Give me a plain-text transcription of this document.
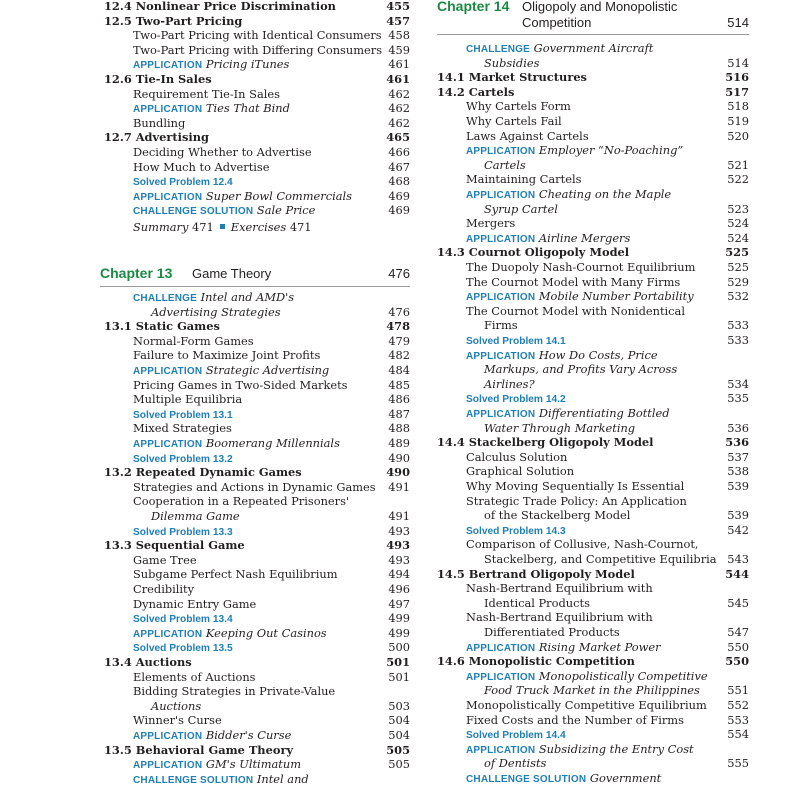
12.4 Nonlinear Price Discrimination	455
12.5 Two-Part Pricing	457
Two-Part Pricing with Identical Consumers 458
Two-Part Pricing with Differing Consumers 459
APPLICATION Pricing iTunes	461
12.6 Tie-In Sales	461
Requirement Tie-In Sales	462
APPLICATION Ties That Bind	462
Bundling	462
12.7 Advertising	465
Deciding Whether to Advertise	466
How Much to Advertise	467
Solved Problem 12.4	468
APPLICATION Super Bowl Commercials	469
CHALLENGE SOLUTION Sale Price	469
Summary 471 Exercises 471
Chapter 13 Game Theory	476
CHALLENGE Intel and AMD's
Advertising Strategies	476
13.1 Static Games	478
Normal-Form Games	479
Failure to Maximize Joint Profits	482
APPLICATION Strategic Advertising	484
Pricing Games in Two-Sided Markets	485
Multiple Equilibria	486
Solved Problem 13.1	487
Mixed Strategies	488
APPLICATION Boomerang Millennials	489
Solved Problem 13.2	490
13.2 Repeated Dynamic Games	490
Strategies and Actions in Dynamic Games 491
Cooperation in a Repeated Prisoners'
Dilemma Game	491
Solved Problem 13.3	493
13.3 Sequential Game	493
Game Tree	493
Subgame Perfect Nash Equilibrium	494
Credibility	496
Dynamic Entry Game	497
Solved Problem 13.4	499
APPLICATION Keeping Out Casinos	499
Solved Problem 13.5	500
13.4 Auctions	501
Elements of Auctions	501
Bidding Strategies in Private-Value
Auctions	503
Winner's Curse	504
APPLICATION Bidder's Curse	504
13.5 Behavioral Game Theory	505
APPLICATION GM's Ultimatum	505
CHALLENGE SOLUTION Intel and
Chapter 14 Oligopoly and Monopolistic
Competition	514
CHALLENGE Government Aircraft
Subsidies	514
14.1 Market Structures	516
14.2 Cartels	517
Why Cartels Form	518
Why Cartels Fail	519
Laws Against Cartels	520
APPLICATION Employer “No-Poaching”
Cartels	521
Maintaining Cartels	522
APPLICATION Cheating on the Maple
Syrup Cartel	523
Mergers	524
APPLICATION Airline Mergers	524
14.3 Cournot Oligopoly Model	525
The Duopoly Nash-Cournot Equilibrium	525
The Cournot Model with Many Firms	529
APPLICATION Mobile Number Portability	532
The Cournot Model with Nonidentical
Firms	533
Solved Problem 14.1	533
APPLICATION How Do Costs, Price
Markups, and Profits Vary Across
Airlines?	534
Solved Problem 14.2	535
APPLICATION Differentiating Bottled
Water Through Marketing	536
14.4 Stackelberg Oligopoly Model	536
Calculus Solution	537
Graphical Solution	538
Why Moving Sequentially Is Essential	539
Strategic Trade Policy: An Application
of the Stackelberg Model	539
Solved Problem 14.3	542
Comparison of Collusive, Nash-Cournot,
Stackelberg, and Competitive Equilibria 543
14.5 Bertrand Oligopoly Model	544
Nash-Bertrand Equilibrium with
Identical Products	545
Nash-Bertrand Equilibrium with
Differentiated Products	547
APPLICATION Rising Market Power	550
14.6 Monopolistic Competition	550
APPLICATION Monopolistically Competitive
Food Truck Market in the Philippines 551
Monopolistically Competitive Equilibrium 552
Fixed Costs and the Number of Firms	553
Solved Problem 14.4	554
APPLICATION Subsidizing the Entry Cost
of Dentists	555
CHALLENGE SOLUTION Government
